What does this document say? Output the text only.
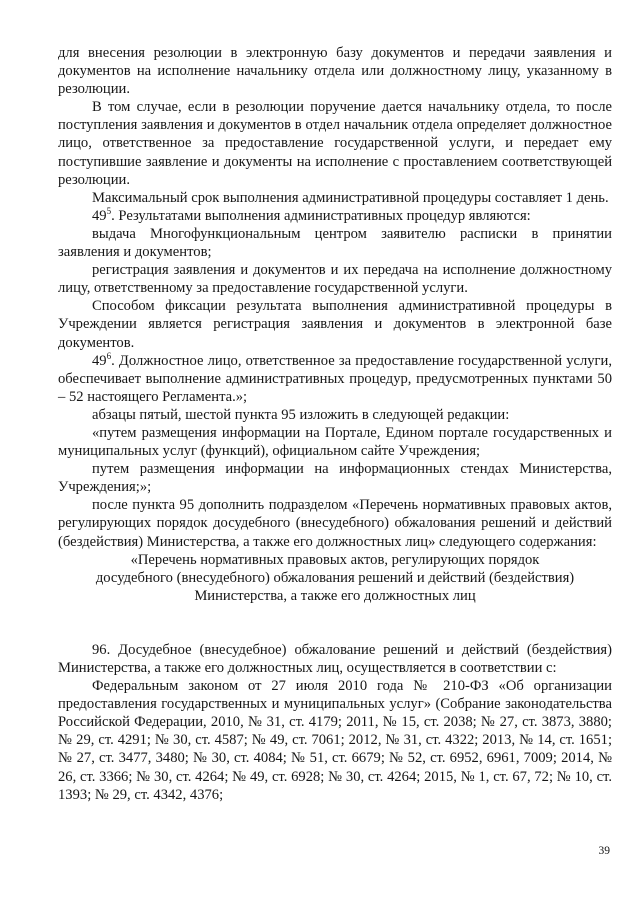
для внесения резолюции в электронную базу документов и передачи заявления и документов на исполнение начальнику отдела или должностному лицу, указанному в резолюции.

В том случае, если в резолюции поручение дается начальнику отдела, то после поступления заявления и документов в отдел начальник отдела определяет должностное лицо, ответственное за предоставление государственной услуги, и передает ему поступившие заявление и документы на исполнение с проставлением соответствующей резолюции.

Максимальный срок выполнения административной процедуры составляет 1 день.

$49^5$. Результатами выполнения административных процедур являются:

выдача Многофункциональным центром заявителю расписки в принятии заявления и документов;

регистрация заявления и документов и их передача на исполнение должностному лицу, ответственному за предоставление государственной услуги.

Способом фиксации результата выполнения административной процедуры в Учреждении является регистрация заявления и документов в электронной базе документов.

$49^6$. Должностное лицо, ответственное за предоставление государственной услуги, обеспечивает выполнение административных процедур, предусмотренных пунктами 50 – 52 настоящего Регламента.»;

абзацы пятый, шестой пункта 95 изложить в следующей редакции:

«путем размещения информации на Портале, Едином портале государственных и муниципальных услуг (функций), официальном сайте Учреждения;

путем размещения информации на информационных стендах Министерства, Учреждения;»;

после пункта 95 дополнить подразделом «Перечень нормативных правовых актов, регулирующих порядок досудебного (внесудебного) обжалования решений и действий (бездействия) Министерства, а также его должностных лиц» следующего содержания:

«Перечень нормативных правовых актов, регулирующих порядок

досудебного (внесудебного) обжалования решений и действий (бездействия)

Министерства, а также его должностных лиц

96. Досудебное (внесудебное) обжалование решений и действий (бездействия) Министерства, а также его должностных лиц, осуществляется в соответствии с:

Федеральным законом от 27 июля 2010 года № 210-ФЗ «Об организации предоставления государственных и муниципальных услуг» (Собрание законодательства Российской Федерации, 2010, № 31, ст. 4179; 2011, № 15, ст. 2038; № 27, ст. 3873, 3880; № 29, ст. 4291; № 30, ст. 4587; № 49, ст. 7061; 2012, № 31, ст. 4322; 2013, № 14, ст. 1651; № 27, ст. 3477, 3480; № 30, ст. 4084; № 51, ст. 6679; № 52, ст. 6952, 6961, 7009; 2014, № 26, ст. 3366; № 30, ст. 4264; № 49, ст. 6928; № 30, ст. 4264; 2015, № 1, ст. 67, 72; № 10, ст. 1393; № 29, ст. 4342, 4376;

39
